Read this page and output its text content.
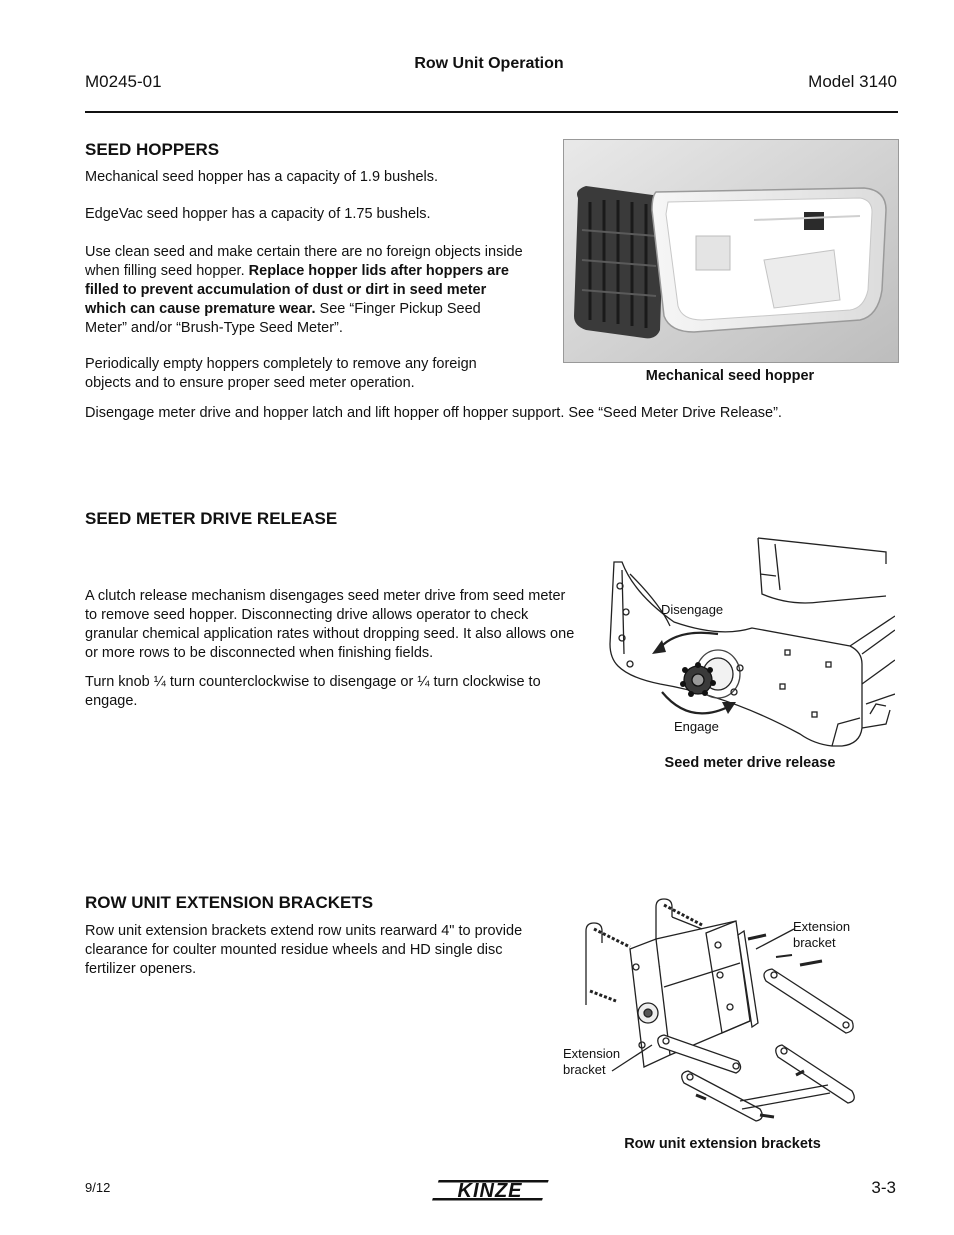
M0245-01
Row Unit Operation
Model 3140
SEED HOPPERS

Mechanical seed hopper has a capacity of 1.9 bushels.

EdgeVac seed hopper has a capacity of 1.75 bushels.

Use clean seed and make certain there are no foreign objects inside when filling seed hopper. Replace hopper lids after hoppers are filled to prevent accumulation of dust or dirt in seed meter which can cause premature wear. See “Finger Pickup Seed Meter” and/or “Brush-Type Seed Meter”.

Periodically empty hoppers completely to remove any foreign objects and to ensure proper seed meter operation.

Disengage meter drive and hopper latch and lift hopper off hopper support. See “Seed Meter Drive Release”.

Mechanical seed hopper
SEED METER DRIVE RELEASE

A clutch release mechanism disengages seed meter drive from seed meter to remove seed hopper. Disconnecting drive allows operator to check granular chemical application rates without dropping seed. It also allows one or more rows to be disconnected when finishing fields.

Turn knob ¼ turn counterclockwise to disengage or ¼ turn clockwise to engage.

Disengage
Engage
Seed meter drive release
ROW UNIT EXTENSION BRACKETS

Row unit extension brackets extend row units rearward 4" to provide clearance for coulter mounted residue wheels and HD single disc fertilizer openers.

Extension
bracket
Extension
bracket
Row unit extension brackets
9/12	KINZE	3-3
